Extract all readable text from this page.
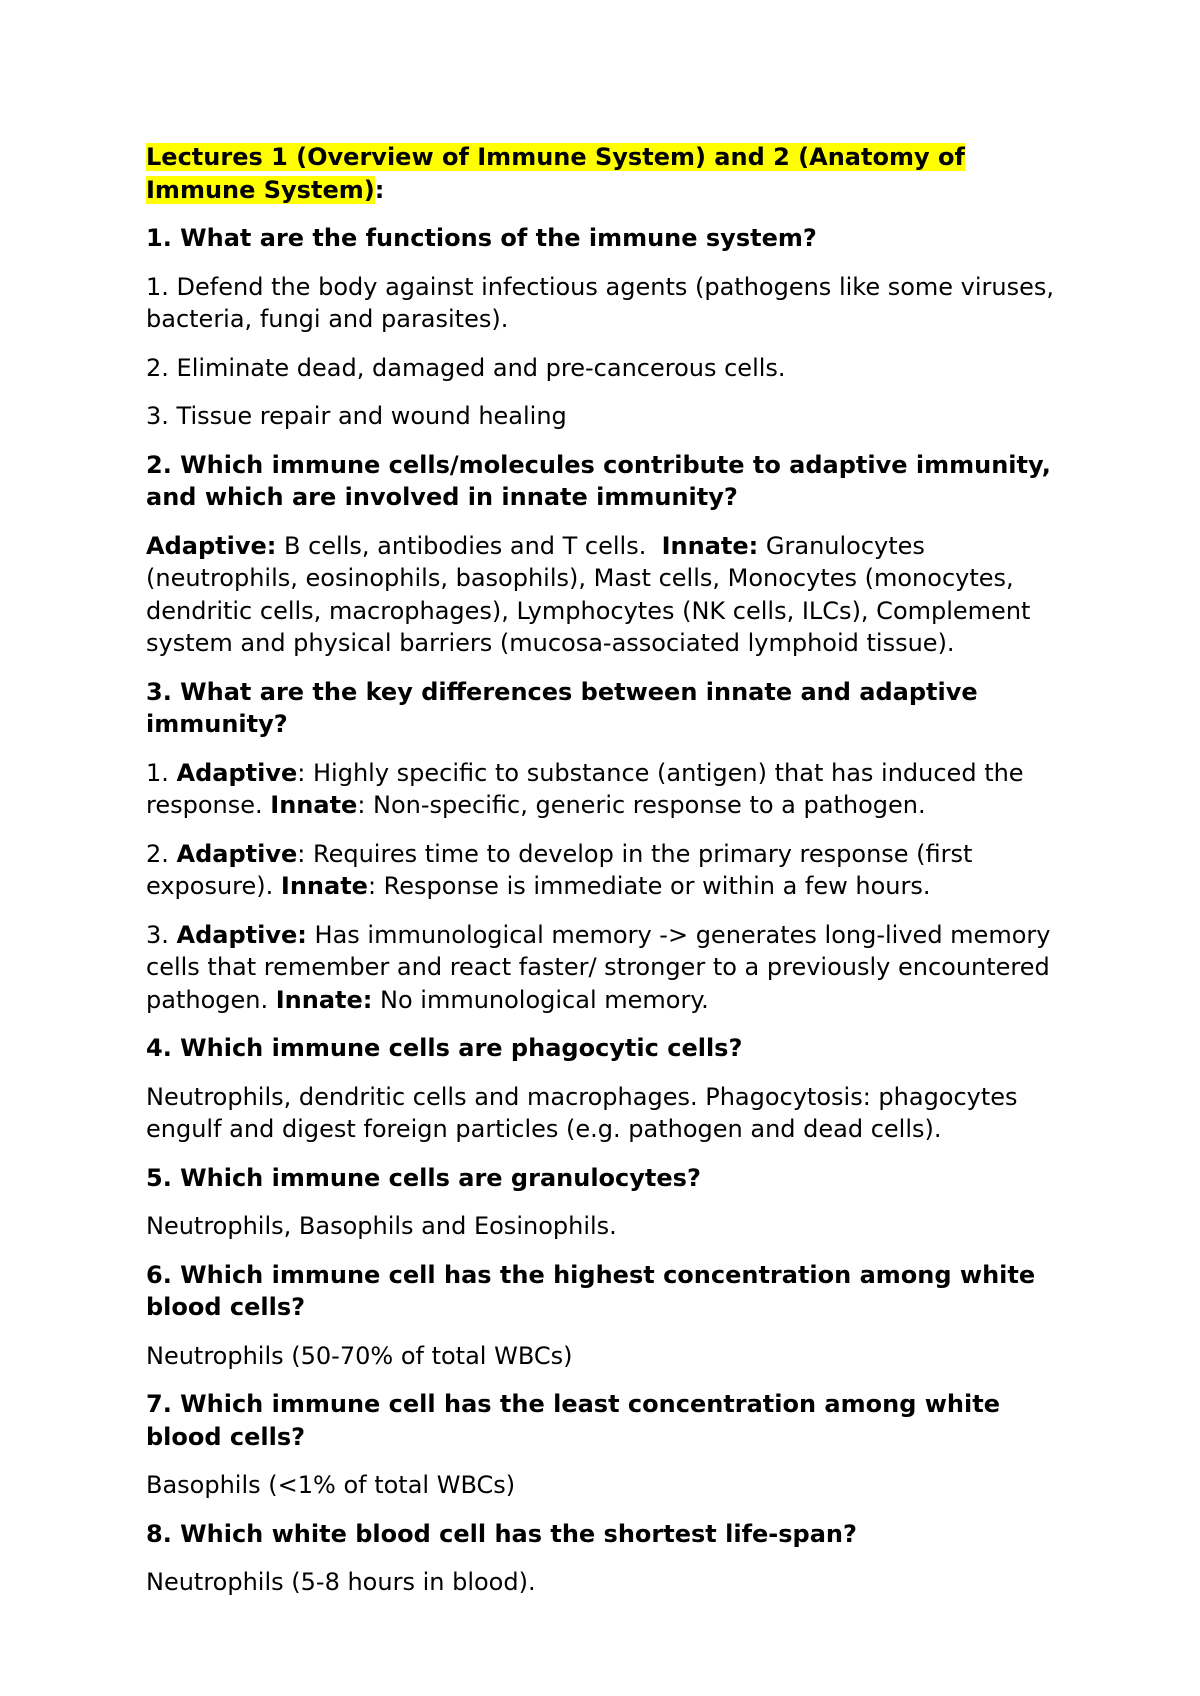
Lectures 1 (Overview of Immune System) and 2 (Anatomy of Immune System):

1. What are the functions of the immune system?

1. Defend the body against infectious agents (pathogens like some viruses, bacteria, fungi and parasites).

2. Eliminate dead, damaged and pre-cancerous cells.

3. Tissue repair and wound healing

2. Which immune cells/molecules contribute to adaptive immunity, and which are involved in innate immunity?

Adaptive: B cells, antibodies and T cells.  Innate: Granulocytes (neutrophils, eosinophils, basophils), Mast cells, Monocytes (monocytes, dendritic cells, macrophages), Lymphocytes (NK cells, ILCs), Complement system and physical barriers (mucosa-associated lymphoid tissue).

3. What are the key differences between innate and adaptive immunity?

1. Adaptive: Highly specific to substance (antigen) that has induced the response. Innate: Non-specific, generic response to a pathogen.

2. Adaptive: Requires time to develop in the primary response (first exposure). Innate: Response is immediate or within a few hours.

3. Adaptive: Has immunological memory -> generates long-lived memory cells that remember and react faster/ stronger to a previously encountered pathogen. Innate: No immunological memory.

4. Which immune cells are phagocytic cells?

Neutrophils, dendritic cells and macrophages. Phagocytosis: phagocytes engulf and digest foreign particles (e.g. pathogen and dead cells).

5. Which immune cells are granulocytes?

Neutrophils, Basophils and Eosinophils.

6. Which immune cell has the highest concentration among white blood cells?

Neutrophils (50-70% of total WBCs)

7. Which immune cell has the least concentration among white blood cells?

Basophils (<1% of total WBCs)

8. Which white blood cell has the shortest life-span?

Neutrophils (5-8 hours in blood).
